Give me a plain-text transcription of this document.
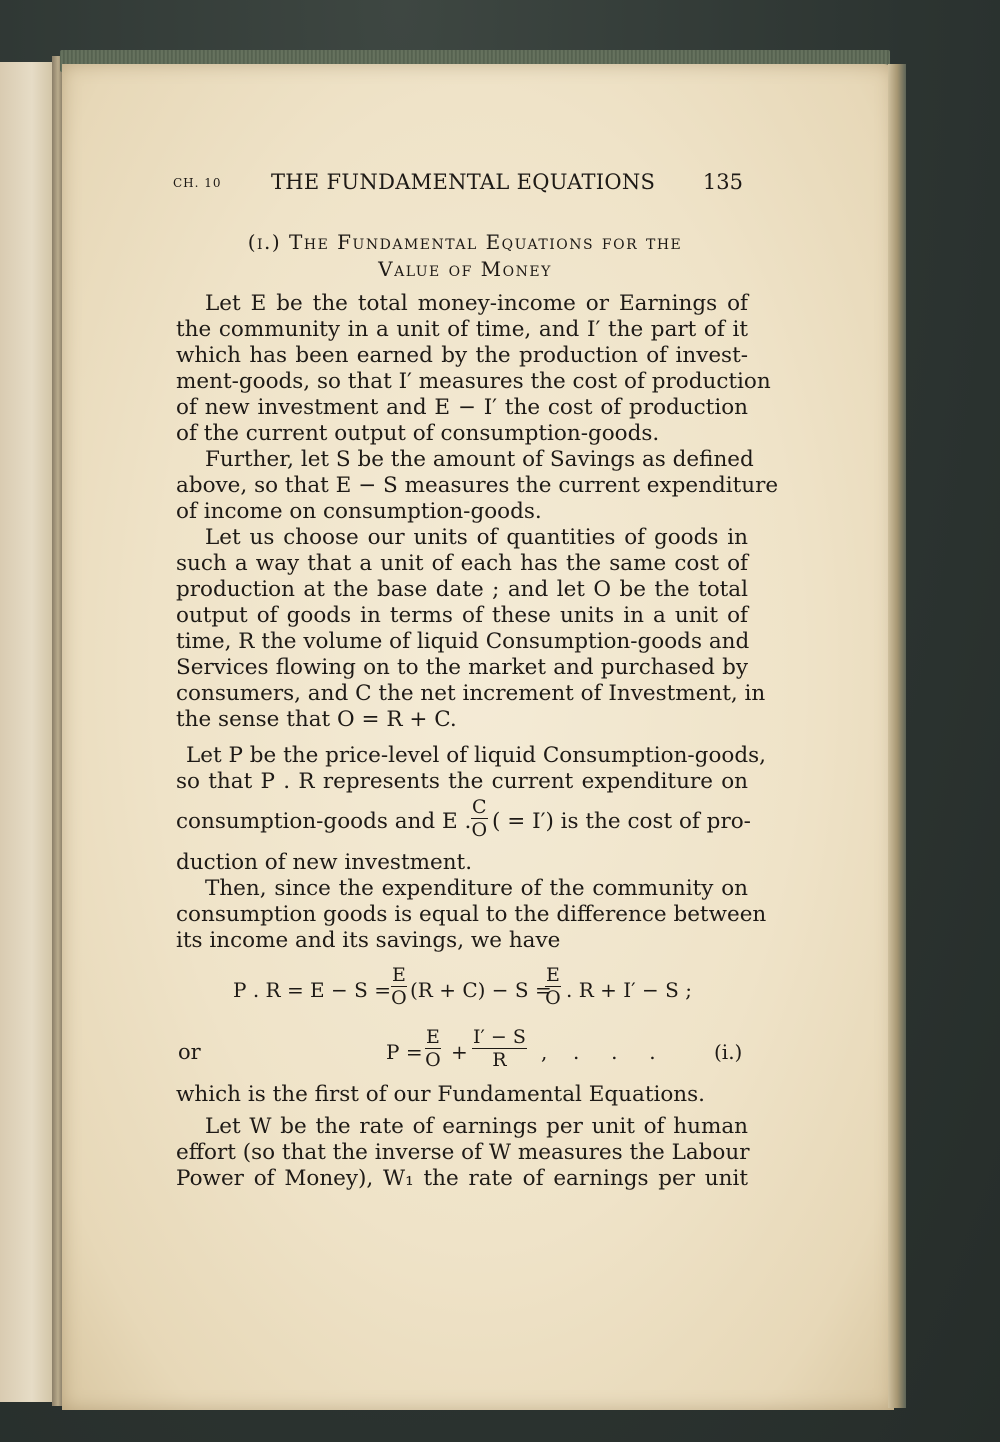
CH. 10 THE FUNDAMENTAL EQUATIONS 135
(i.) The Fundamental Equations for the
Value of Money
Let E be the total money-income or Earnings of
the community in a unit of time, and I′ the part of it
which has been earned by the production of invest-
ment-goods, so that I′ measures the cost of production
of new investment and E − I′ the cost of production
of the current output of consumption-goods.
Further, let S be the amount of Savings as defined
above, so that E − S measures the current expenditure
of income on consumption-goods.
Let us choose our units of quantities of goods in
such a way that a unit of each has the same cost of
production at the base date ; and let O be the total
output of goods in terms of these units in a unit of
time, R the volume of liquid Consumption-goods and
Services flowing on to the market and purchased by
consumers, and C the net increment of Investment, in
the sense that O = R + C.
Let P be the price-level of liquid Consumption-goods,
so that P . R represents the current expenditure on
consumption-goods and E . $\frac{C}{O}$ ( = I′) is the cost of pro-
duction of new investment.
Then, since the expenditure of the community on
consumption goods is equal to the difference between
its income and its savings, we have
P . $R = E - S = \frac{E}{O} (R + C) - S$ =
$\frac{E}{O}$ . R + I′ − S ;
or	$P = \frac{E}{O} + \frac{I' - S}{R}$ , .     .     .	(i.)
which is the first of our Fundamental Equations.
Let W be the rate of earnings per unit of human
effort (so that the inverse of W measures the Labour
Power of Money), W₁ the rate of earnings per unit
